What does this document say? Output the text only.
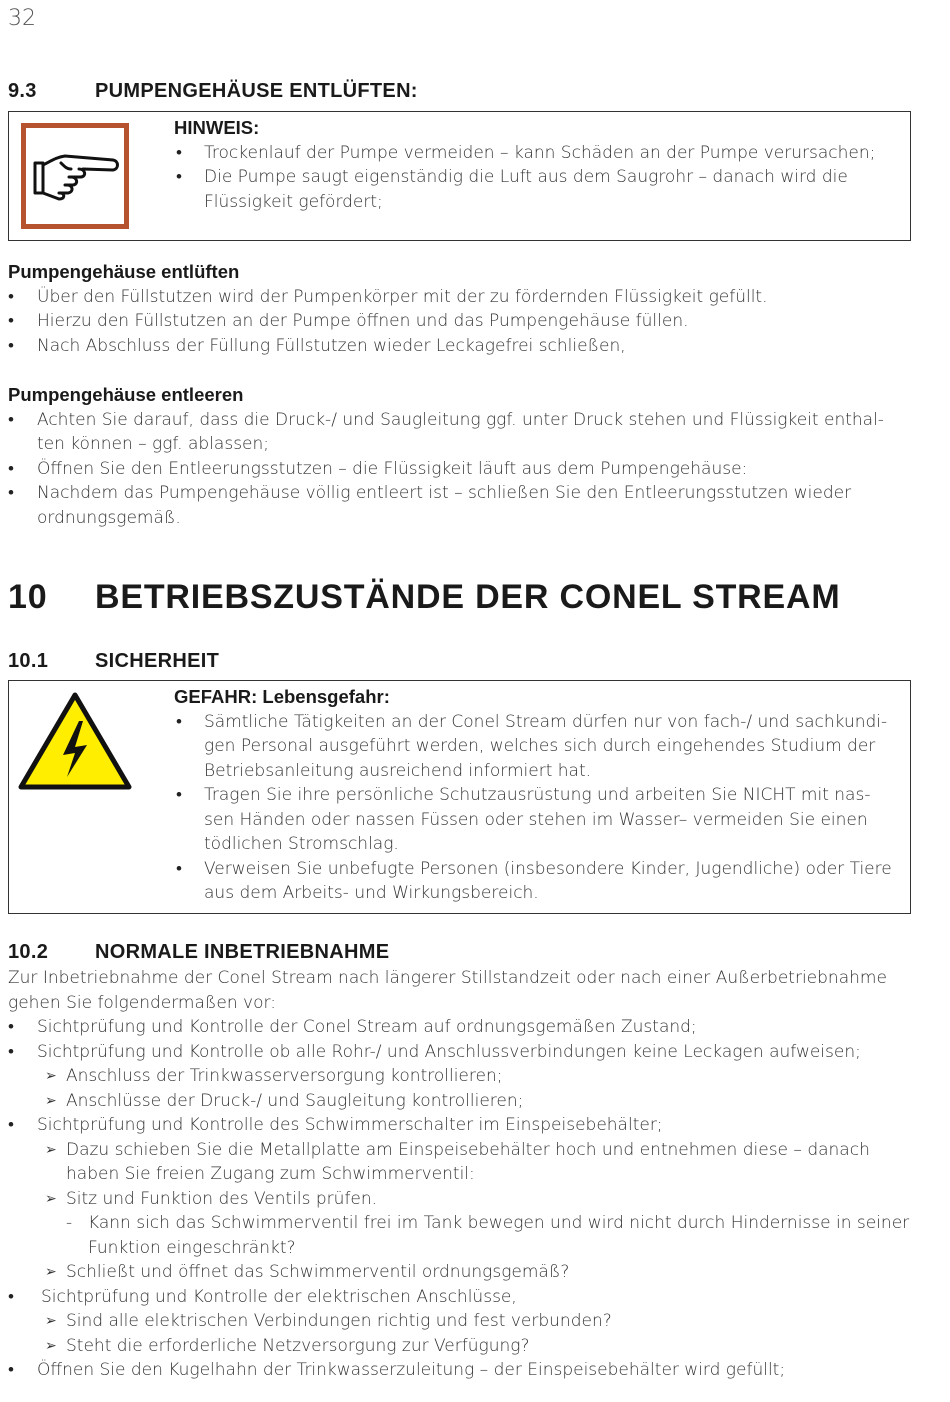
32
9.3	PUMPENGEHÄUSE ENTLÜFTEN:
HINWEIS:
• Trockenlauf der Pumpe vermeiden – kann Schäden an der Pumpe verursachen;
• Die Pumpe saugt eigenständig die Luft aus dem Saugrohr – danach wird die Flüssigkeit gefördert;
Pumpengehäuse entlüften
• Über den Füllstutzen wird der Pumpenkörper mit der zu fördernden Flüssigkeit gefüllt.
• Hierzu den Füllstutzen an der Pumpe öffnen und das Pumpengehäuse füllen.
• Nach Abschluss der Füllung Füllstutzen wieder Leckagefrei schließen,
Pumpengehäuse entleeren
• Achten Sie darauf, dass die Druck-/ und Saugleitung ggf. unter Druck stehen und Flüssigkeit enthal-ten können – ggf. ablassen;
• Öffnen Sie den Entleerungsstutzen – die Flüssigkeit läuft aus dem Pumpengehäuse:
• Nachdem das Pumpengehäuse völlig entleert ist – schließen Sie den Entleerungsstutzen wieder ordnungsgemäß.
10 BETRIEBSZUSTÄNDE DER CONEL STREAM
10.1 SICHERHEIT
GEFAHR: Lebensgefahr:
• Sämtliche Tätigkeiten an der Conel Stream dürfen nur von fach-/ und sachkundi-gen Personal ausgeführt werden, welches sich durch eingehendes Studium der Betriebsanleitung ausreichend informiert hat.
• Tragen Sie ihre persönliche Schutzausrüstung und arbeiten Sie NICHT mit nas-sen Händen oder nassen Füssen oder stehen im Wasser– vermeiden Sie einen tödlichen Stromschlag.
• Verweisen Sie unbefugte Personen (insbesondere Kinder, Jugendliche) oder Tiere aus dem Arbeits- und Wirkungsbereich.
10.2 NORMALE INBETRIEBNAHME
Zur Inbetriebnahme der Conel Stream nach längerer Stillstandzeit oder nach einer Außerbetriebnahme gehen Sie folgendermaßen vor:
• Sichtprüfung und Kontrolle der Conel Stream auf ordnungsgemäßen Zustand;
• Sichtprüfung und Kontrolle ob alle Rohr-/ und Anschlussverbindungen keine Leckagen aufweisen;
➢ Anschluss der Trinkwasserversorgung kontrollieren;
➢ Anschlüsse der Druck-/ und Saugleitung kontrollieren;
• Sichtprüfung und Kontrolle des Schwimmerschalter im Einspeisebehälter;
➢ Dazu schieben Sie die Metallplatte am Einspeisebehälter hoch und entnehmen diese – danach haben Sie freien Zugang zum Schwimmerventil:
➢ Sitz und Funktion des Ventils prüfen.
- Kann sich das Schwimmerventil frei im Tank bewegen und wird nicht durch Hindernisse in seiner Funktion eingeschränkt?
➢ Schließt und öffnet das Schwimmerventil ordnungsgemäß?
• Sichtprüfung und Kontrolle der elektrischen Anschlüsse,
➢ Sind alle elektrischen Verbindungen richtig und fest verbunden?
➢ Steht die erforderliche Netzversorgung zur Verfügung?
• Öffnen Sie den Kugelhahn der Trinkwasserzuleitung – der Einspeisebehälter wird gefüllt;
